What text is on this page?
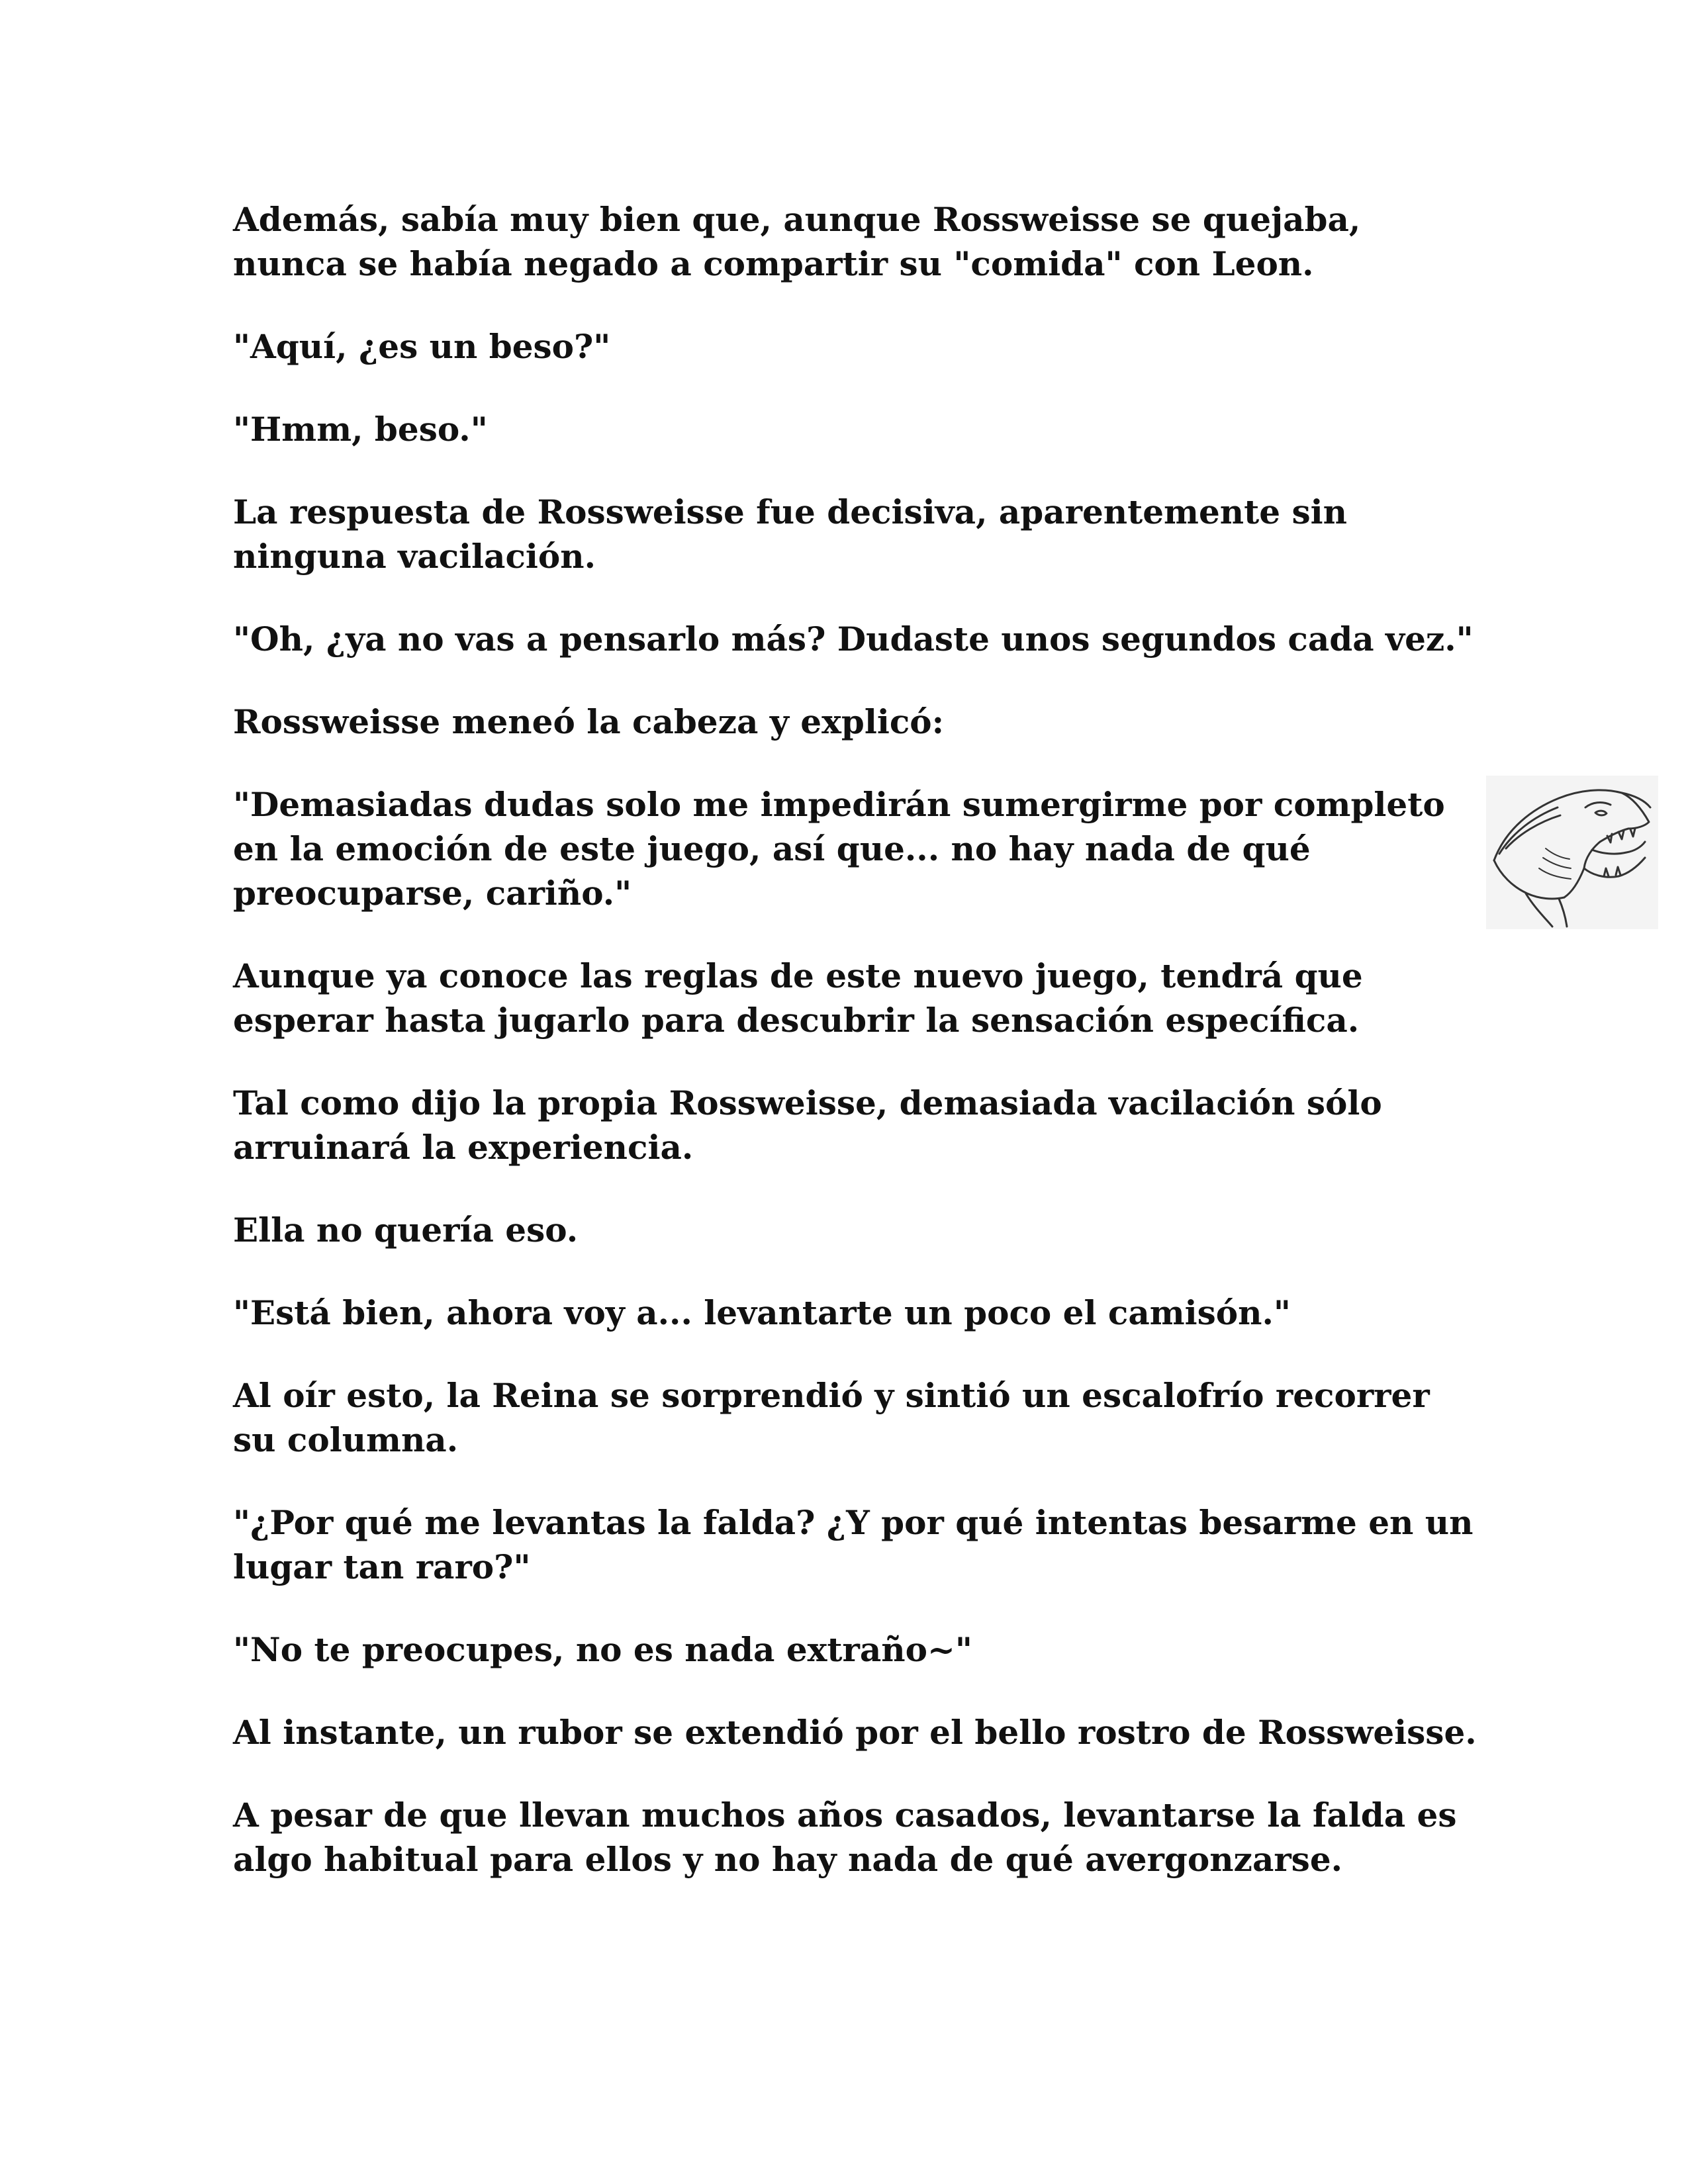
Además, sabía muy bien que, aunque Rossweisse se quejaba, nunca se había negado a compartir su "comida" con Leon.

"Aquí, ¿es un beso?"

"Hmm, beso."

La respuesta de Rossweisse fue decisiva, aparentemente sin ninguna vacilación.

"Oh, ¿ya no vas a pensarlo más? Dudaste unos segundos cada vez."

Rossweisse meneó la cabeza y explicó:

"Demasiadas dudas solo me impedirán sumergirme por completo en la emoción de este juego, así que... no hay nada de qué preocuparse, cariño."

Aunque ya conoce las reglas de este nuevo juego, tendrá que esperar hasta jugarlo para descubrir la sensación específica.

Tal como dijo la propia Rossweisse, demasiada vacilación sólo arruinará la experiencia.

Ella no quería eso.

"Está bien, ahora voy a... levantarte un poco el camisón."

Al oír esto, la Reina se sorprendió y sintió un escalofrío recorrer su columna.

"¿Por qué me levantas la falda? ¿Y por qué intentas besarme en un lugar tan raro?"

"No te preocupes, no es nada extraño~"

Al instante, un rubor se extendió por el bello rostro de Rossweisse.

A pesar de que llevan muchos años casados, levantarse la falda es algo habitual para ellos y no hay nada de qué avergonzarse.
